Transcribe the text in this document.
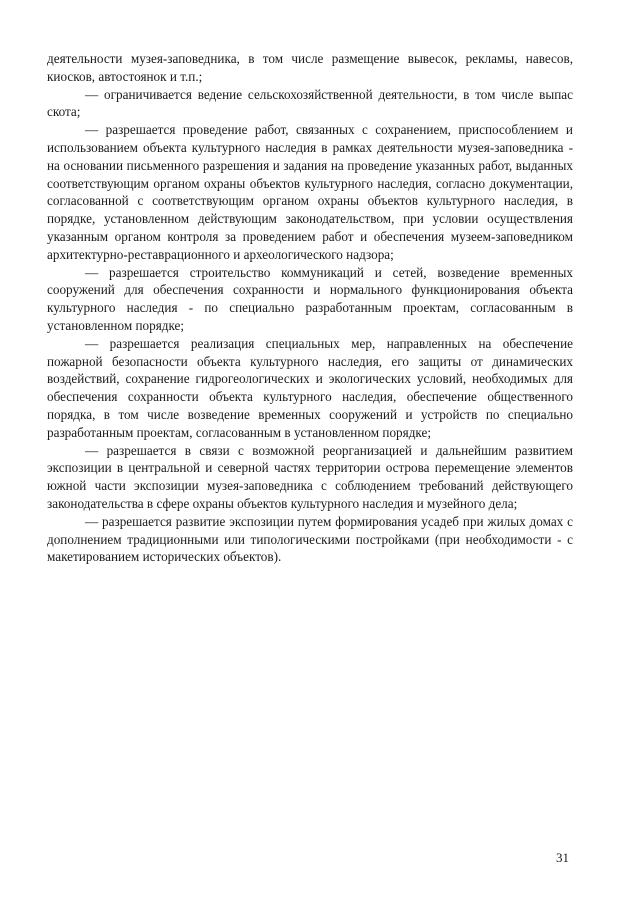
деятельности музея-заповедника, в том числе размещение вывесок, рекламы, навесов, киосков, автостоянок и т.п.;

— ограничивается ведение сельскохозяйственной деятельности, в том числе выпас скота;

— разрешается проведение работ, связанных с сохранением, приспособлением и использованием объекта культурного наследия в рамках деятельности музея-заповедника - на основании письменного разрешения и задания на проведение указанных работ, выданных соответствующим органом охраны объектов культурного наследия, согласно документации, согласованной с соответствующим органом охраны объектов культурного наследия, в порядке, установленном действующим законодательством, при условии осуществления указанным органом контроля за проведением работ и обеспечения музеем-заповедником архитектурно-реставрационного и археологического надзора;

— разрешается строительство коммуникаций и сетей, возведение временных сооружений для обеспечения сохранности и нормального функционирования объекта культурного наследия - по специально разработанным проектам, согласованным в установленном порядке;

— разрешается реализация специальных мер, направленных на обеспечение пожарной безопасности объекта культурного наследия, его защиты от динамических воздействий, сохранение гидрогеологических и экологических условий, необходимых для обеспечения сохранности объекта культурного наследия, обеспечение общественного порядка, в том числе возведение временных сооружений и устройств по специально разработанным проектам, согласованным в установленном порядке;

— разрешается в связи с возможной реорганизацией и дальнейшим развитием экспозиции в центральной и северной частях территории острова перемещение элементов южной части экспозиции музея-заповедника с соблюдением требований действующего законодательства в сфере охраны объектов культурного наследия и музейного дела;

— разрешается развитие экспозиции путем формирования усадеб при жилых домах с дополнением традиционными или типологическими постройками (при необходимости - с макетированием исторических объектов).

31
